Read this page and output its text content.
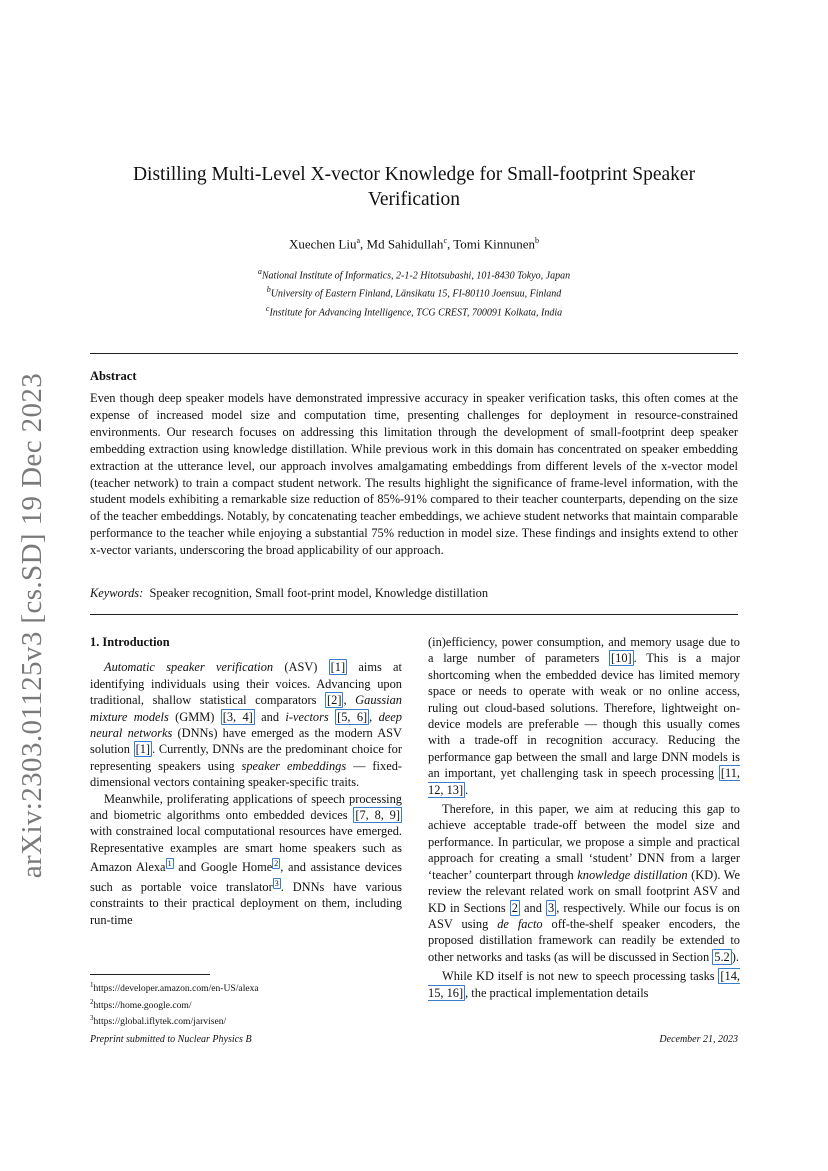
arXiv:2303.01125v3 [cs.SD] 19 Dec 2023
Distilling Multi-Level X-vector Knowledge for Small-footprint Speaker Verification
Xuechen Liu$^a$, Md Sahidullah$^c$, Tomi Kinnunen$^b$
$^a$National Institute of Informatics, 2-1-2 Hitotsubashi, 101-8430 Tokyo, Japan
$^b$University of Eastern Finland, Länsikatu 15, FI-80110 Joensuu, Finland
$^c$Institute for Advancing Intelligence, TCG CREST, 700091 Kolkata, India
Abstract
Even though deep speaker models have demonstrated impressive accuracy in speaker verification tasks, this often comes at the expense of increased model size and computation time, presenting challenges for deployment in resource-constrained environments. Our research focuses on addressing this limitation through the development of small-footprint deep speaker embedding extraction using knowledge distillation. While previous work in this domain has concentrated on speaker embedding extraction at the utterance level, our approach involves amalgamating embeddings from different levels of the x-vector model (teacher network) to train a compact student network. The results highlight the significance of frame-level information, with the student models exhibiting a remarkable size reduction of 85%-91% compared to their teacher counterparts, depending on the size of the teacher embeddings. Notably, by concatenating teacher embeddings, we achieve student networks that maintain comparable performance to the teacher while enjoying a substantial 75% reduction in model size. These findings and insights extend to other x-vector variants, underscoring the broad applicability of our approach.
Keywords: Speaker recognition, Small foot-print model, Knowledge distillation
1. Introduction

Automatic speaker verification (ASV) [1] aims at identifying individuals using their voices. Advancing upon traditional, shallow statistical comparators [2] , Gaussian mixture models (GMM) [3, 4] and i-vectors [5, 6] , deep neural networks (DNNs) have emerged as the modern ASV solution [1] . Currently, DNNs are the predominant choice for representing speakers using speaker embeddings — fixed-dimensional vectors containing speaker-specific traits.

Meanwhile, proliferating applications of speech processing and biometric algorithms onto embedded devices [7, 8, 9] with constrained local computational resources have emerged. Representative examples are smart home speakers such as Amazon Alexa $^1$ and Google Home $^2$ , and assistance devices such as portable voice translator $^3$ . DNNs have various constraints to their practical deployment on them, including run-time

(in)efficiency, power consumption, and memory usage due to a large number of parameters [10] . This is a major shortcoming when the embedded device has limited memory space or needs to operate with weak or no online access, ruling out cloud-based solutions. Therefore, lightweight on-device models are preferable — though this usually comes with a trade-off in recognition accuracy. Reducing the performance gap between the small and large DNN models is an important, yet challenging task in speech processing [11, 12, 13] .

Therefore, in this paper, we aim at reducing this gap to achieve acceptable trade-off between the model size and performance. In particular, we propose a simple and practical approach for creating a small ‘student’ DNN from a larger ‘teacher’ counterpart through knowledge distillation (KD). We review the relevant related work on small footprint ASV and KD in Sections 2 and 3 , respectively. While our focus is on ASV using de facto off-the-shelf speaker encoders, the proposed distillation framework can readily be extended to other networks and tasks (as will be discussed in Section 5.2 ).

While KD itself is not new to speech processing tasks [14, 15, 16] , the practical implementation details

$^1$https://developer.amazon.com/en-US/alexa
$^2$https://home.google.com/
$^3$https://global.iflytek.com/jarvisen/
Preprint submitted to Nuclear Physics B	December 21, 2023
